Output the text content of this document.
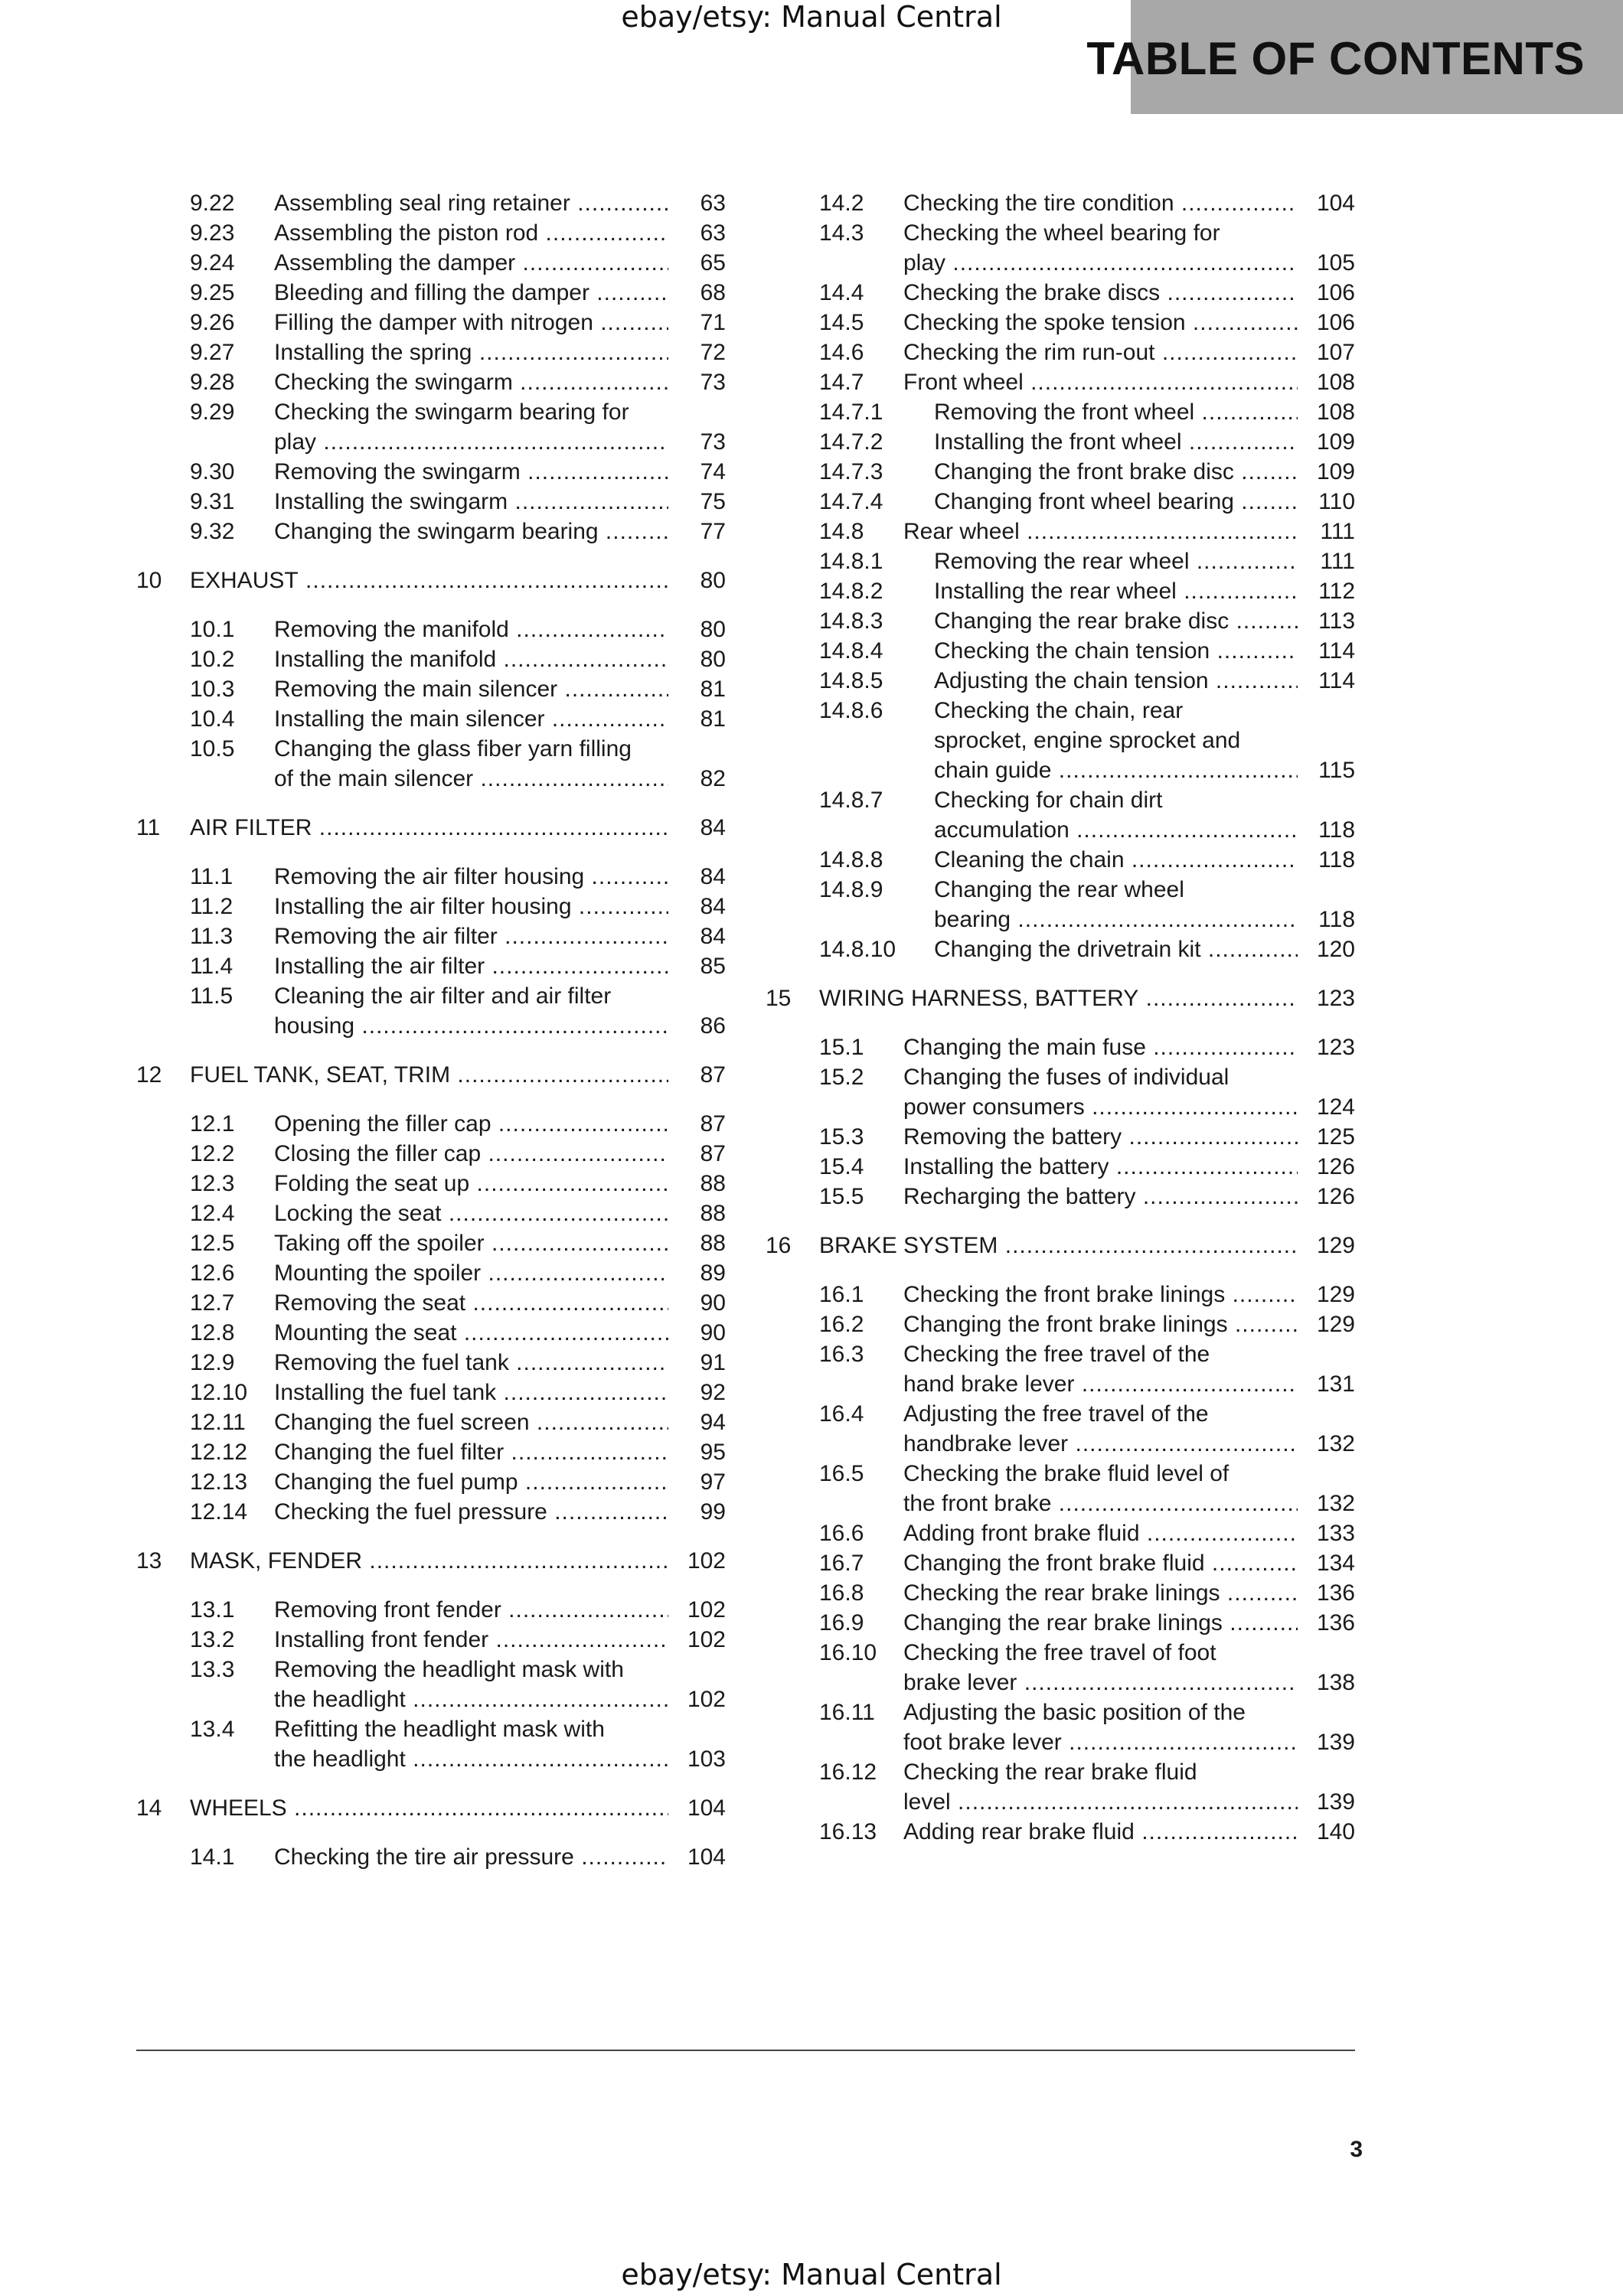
ebay/etsy: Manual Central
TABLE OF CONTENTS
9.22 Assembling seal ring retainer .....	63
9.23 Assembling the piston rod .....	63
9.24 Assembling the damper .....	65
9.25 Bleeding and filling the damper .....	68
9.26 Filling the damper with nitrogen .....	71
9.27 Installing the spring .....	72
9.28 Checking the swingarm .....	73
9.29 Checking the swingarm bearing for
play .....	73
9.30 Removing the swingarm .....	74
9.31 Installing the swingarm .....	75
9.32 Changing the swingarm bearing .....	77
10 EXHAUST .....	80
10.1 Removing the manifold .....	80
10.2 Installing the manifold .....	80
10.3 Removing the main silencer .....	81
10.4 Installing the main silencer .....	81
10.5 Changing the glass fiber yarn filling
of the main silencer .....	82
11 AIR FILTER .....	84
11.1 Removing the air filter housing .....	84
11.2 Installing the air filter housing .....	84
11.3 Removing the air filter .....	84
11.4 Installing the air filter .....	85
11.5 Cleaning the air filter and air filter
housing .....	86
12 FUEL TANK, SEAT, TRIM .....	87
12.1 Opening the filler cap .....	87
12.2 Closing the filler cap .....	87
12.3 Folding the seat up .....	88
12.4 Locking the seat .....	88
12.5 Taking off the spoiler .....	88
12.6 Mounting the spoiler .....	89
12.7 Removing the seat .....	90
12.8 Mounting the seat .....	90
12.9 Removing the fuel tank .....	91
12.10 Installing the fuel tank .....	92
12.11 Changing the fuel screen .....	94
12.12 Changing the fuel filter .....	95
12.13 Changing the fuel pump .....	97
12.14 Checking the fuel pressure .....	99
13 MASK, FENDER .....	102
13.1 Removing front fender .....	102
13.2 Installing front fender .....	102
13.3 Removing the headlight mask with
the headlight .....	102
13.4 Refitting the headlight mask with
the headlight .....	103
14 WHEELS .....	104
14.1 Checking the tire air pressure .....	104
14.2 Checking the tire condition .....	104
14.3 Checking the wheel bearing for
play .....	105
14.4 Checking the brake discs .....	106
14.5 Checking the spoke tension .....	106
14.6 Checking the rim run-out .....	107
14.7 Front wheel .....	108
14.7.1 Removing the front wheel .....	108
14.7.2 Installing the front wheel .....	109
14.7.3 Changing the front brake disc .....	109
14.7.4 Changing front wheel bearing .....	110
14.8 Rear wheel .....	111
14.8.1 Removing the rear wheel .....	111
14.8.2 Installing the rear wheel .....	112
14.8.3 Changing the rear brake disc .....	113
14.8.4 Checking the chain tension .....	114
14.8.5 Adjusting the chain tension .....	114
14.8.6 Checking the chain, rear
sprocket, engine sprocket and
chain guide .....	115
14.8.7 Checking for chain dirt
accumulation .....	118
14.8.8 Cleaning the chain .....	118
14.8.9 Changing the rear wheel
bearing .....	118
14.8.10 Changing the drivetrain kit .....	120
15 WIRING HARNESS, BATTERY .....	123
15.1 Changing the main fuse .....	123
15.2 Changing the fuses of individual
power consumers .....	124
15.3 Removing the battery .....	125
15.4 Installing the battery .....	126
15.5 Recharging the battery .....	126
16 BRAKE SYSTEM .....	129
16.1 Checking the front brake linings .....	129
16.2 Changing the front brake linings .....	129
16.3 Checking the free travel of the
hand brake lever .....	131
16.4 Adjusting the free travel of the
handbrake lever .....	132
16.5 Checking the brake fluid level of
the front brake .....	132
16.6 Adding front brake fluid .....	133
16.7 Changing the front brake fluid .....	134
16.8 Checking the rear brake linings .....	136
16.9 Changing the rear brake linings .....	136
16.10 Checking the free travel of foot
brake lever .....	138
16.11 Adjusting the basic position of the
foot brake lever .....	139
16.12 Checking the rear brake fluid
level .....	139
16.13 Adding rear brake fluid .....	140
3
ebay/etsy: Manual Central
